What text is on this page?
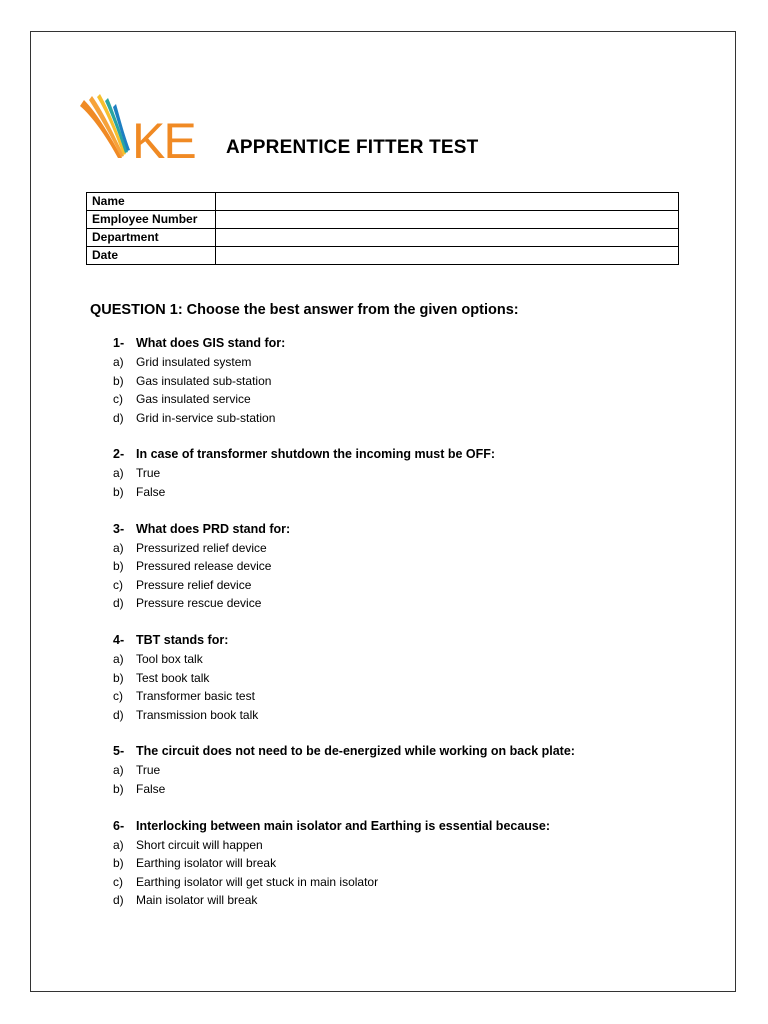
KE APPRENTICE FITTER TEST
Name	
Employee Number	
Department	
Date	
QUESTION 1: Choose the best answer from the given options:
1- What does GIS stand for:
a)	Grid insulated system
b)	Gas insulated sub-station
c)	Gas insulated service
d)	Grid in-service sub-station
2- In case of transformer shutdown the incoming must be OFF:
a)	True
b)	False
3- What does PRD stand for:
a)	Pressurized relief device
b)	Pressured release device
c)	Pressure relief device
d)	Pressure rescue device
4- TBT stands for:
a)	Tool box talk
b)	Test book talk
c)	Transformer basic test
d)	Transmission book talk
5- The circuit does not need to be de-energized while working on back plate:
a)	True
b)	False
6- Interlocking between main isolator and Earthing is essential because:
a)	Short circuit will happen
b)	Earthing isolator will break
c)	Earthing isolator will get stuck in main isolator
d)	Main isolator will break
